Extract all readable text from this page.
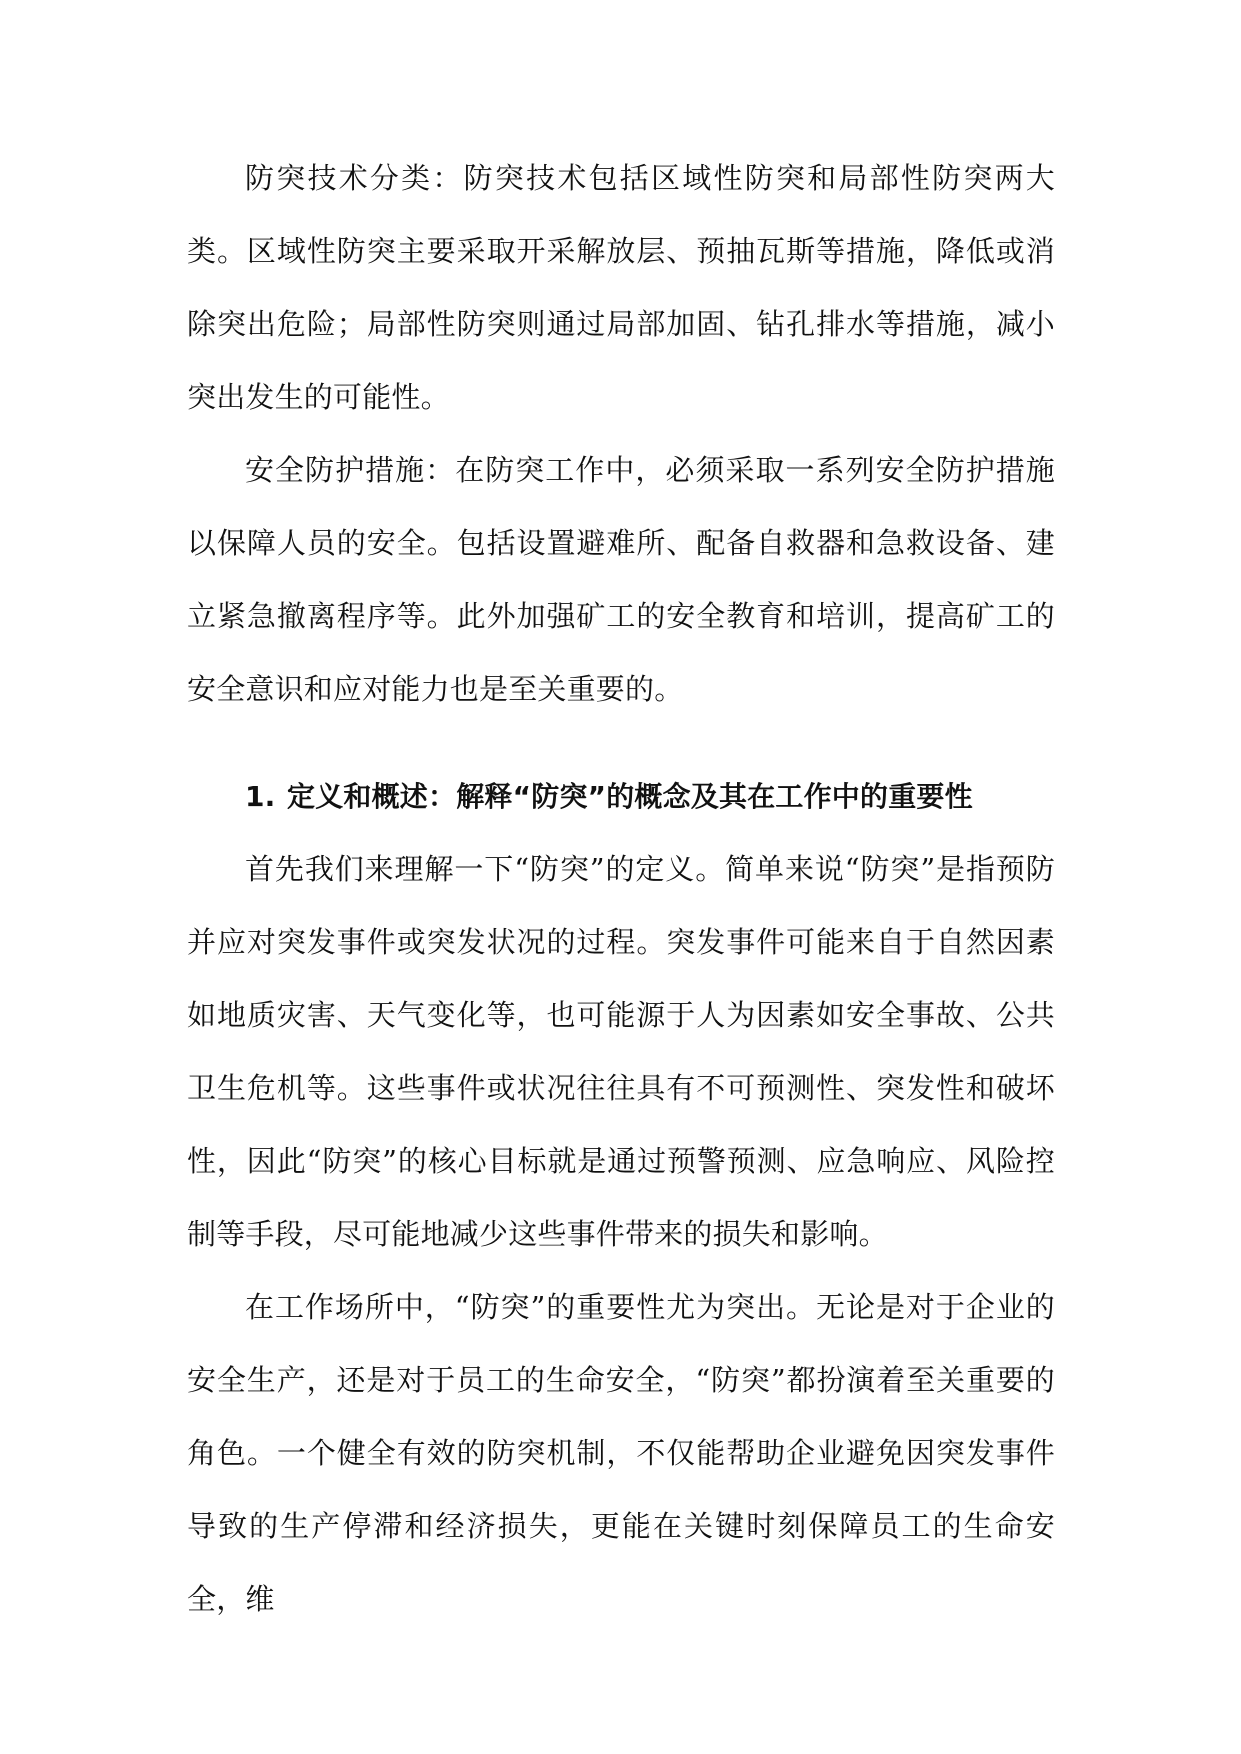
防突技术分类：防突技术包括区域性防突和局部性防突两大类。区域性防突主要采取开采解放层、预抽瓦斯等措施，降低或消除突出危险；局部性防突则通过局部加固、钻孔排水等措施，减小突出发生的可能性。

安全防护措施：在防突工作中，必须采取一系列安全防护措施以保障人员的安全。包括设置避难所、配备自救器和急救设备、建立紧急撤离程序等。此外加强矿工的安全教育和培训，提高矿工的安全意识和应对能力也是至关重要的。

1. 定义和概述：解释“防突”的概念及其在工作中的重要性

首先我们来理解一下“防突”的定义。简单来说“防突”是指预防并应对突发事件或突发状况的过程。突发事件可能来自于自然因素如地质灾害、天气变化等，也可能源于人为因素如安全事故、公共卫生危机等。这些事件或状况往往具有不可预测性、突发性和破坏性，因此“防突”的核心目标就是通过预警预测、应急响应、风险控制等手段，尽可能地减少这些事件带来的损失和影响。

在工作场所中，“防突”的重要性尤为突出。无论是对于企业的安全生产，还是对于员工的生命安全，“防突”都扮演着至关重要的角色。一个健全有效的防突机制，不仅能帮助企业避免因突发事件导致的生产停滞和经济损失，更能在关键时刻保障员工的生命安全，维
